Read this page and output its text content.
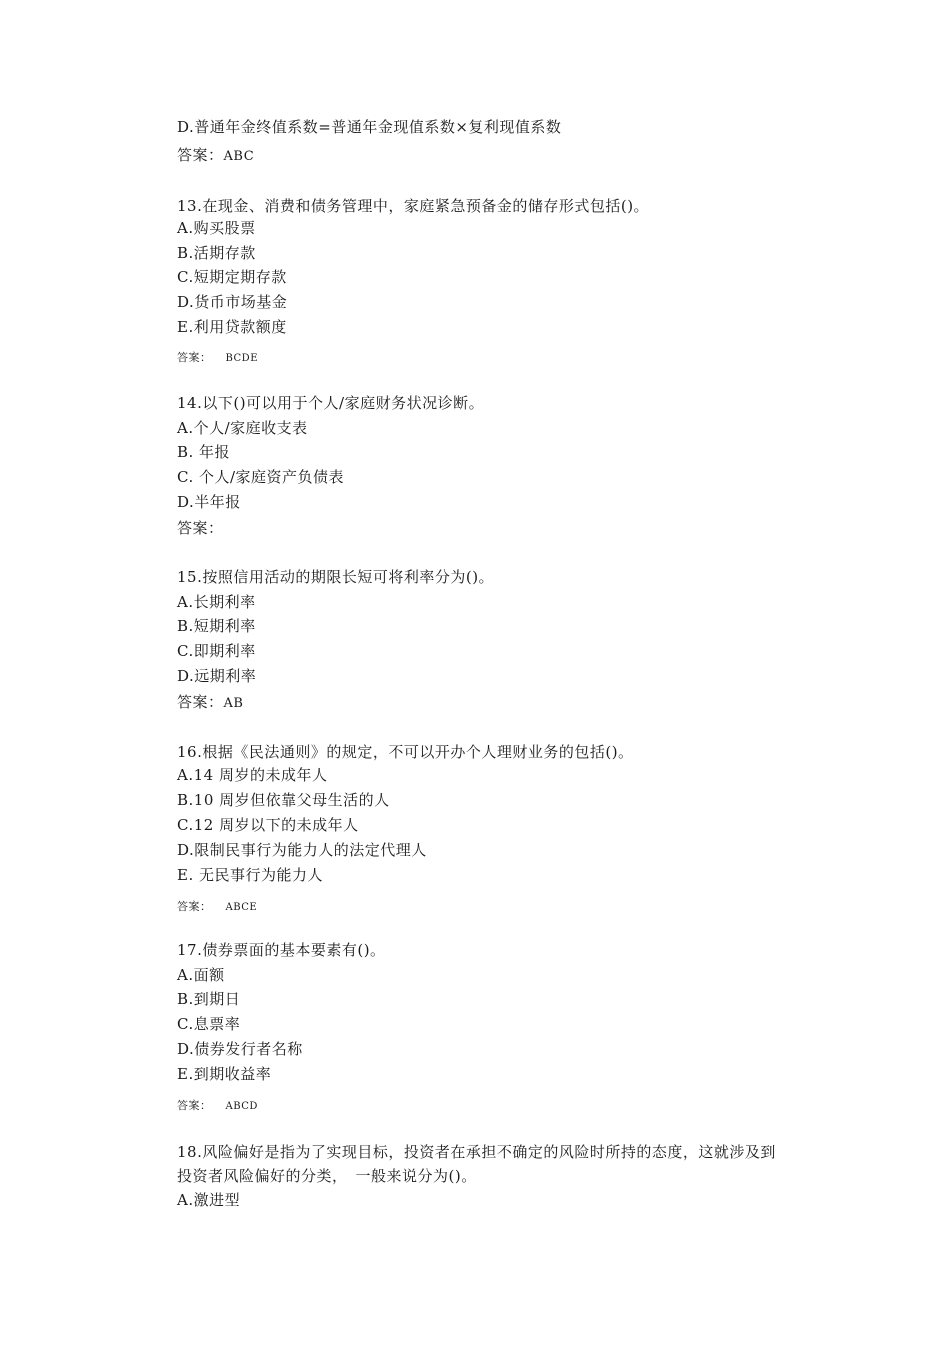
D.普通年金终值系数=普通年金现值系数×复利现值系数
答案：ABC
13.在现金、消费和债务管理中，家庭紧急预备金的储存形式包括()。
A.购买股票
B.活期存款
C.短期定期存款
D.货币市场基金
E.利用贷款额度
答案： BCDE
14.以下()可以用于个人/家庭财务状况诊断。
A.个人/家庭收支表
B. 年报
C. 个人/家庭资产负债表
D.半年报
答案：
15.按照信用活动的期限长短可将利率分为()。
A.长期利率
B.短期利率
C.即期利率
D.远期利率
答案：AB
16.根据《民法通则》的规定，不可以开办个人理财业务的包括()。
A.14 周岁的未成年人
B.10 周岁但依靠父母生活的人
C.12 周岁以下的未成年人
D.限制民事行为能力人的法定代理人
E. 无民事行为能力人
答案： ABCE
17.债券票面的基本要素有()。
A.面额
B.到期日
C.息票率
D.债券发行者名称
E.到期收益率
答案： ABCD
18.风险偏好是指为了实现目标，投资者在承担不确定的风险时所持的态度，这就涉及到投资者风险偏好的分类，　一般来说分为()。
A.激进型
